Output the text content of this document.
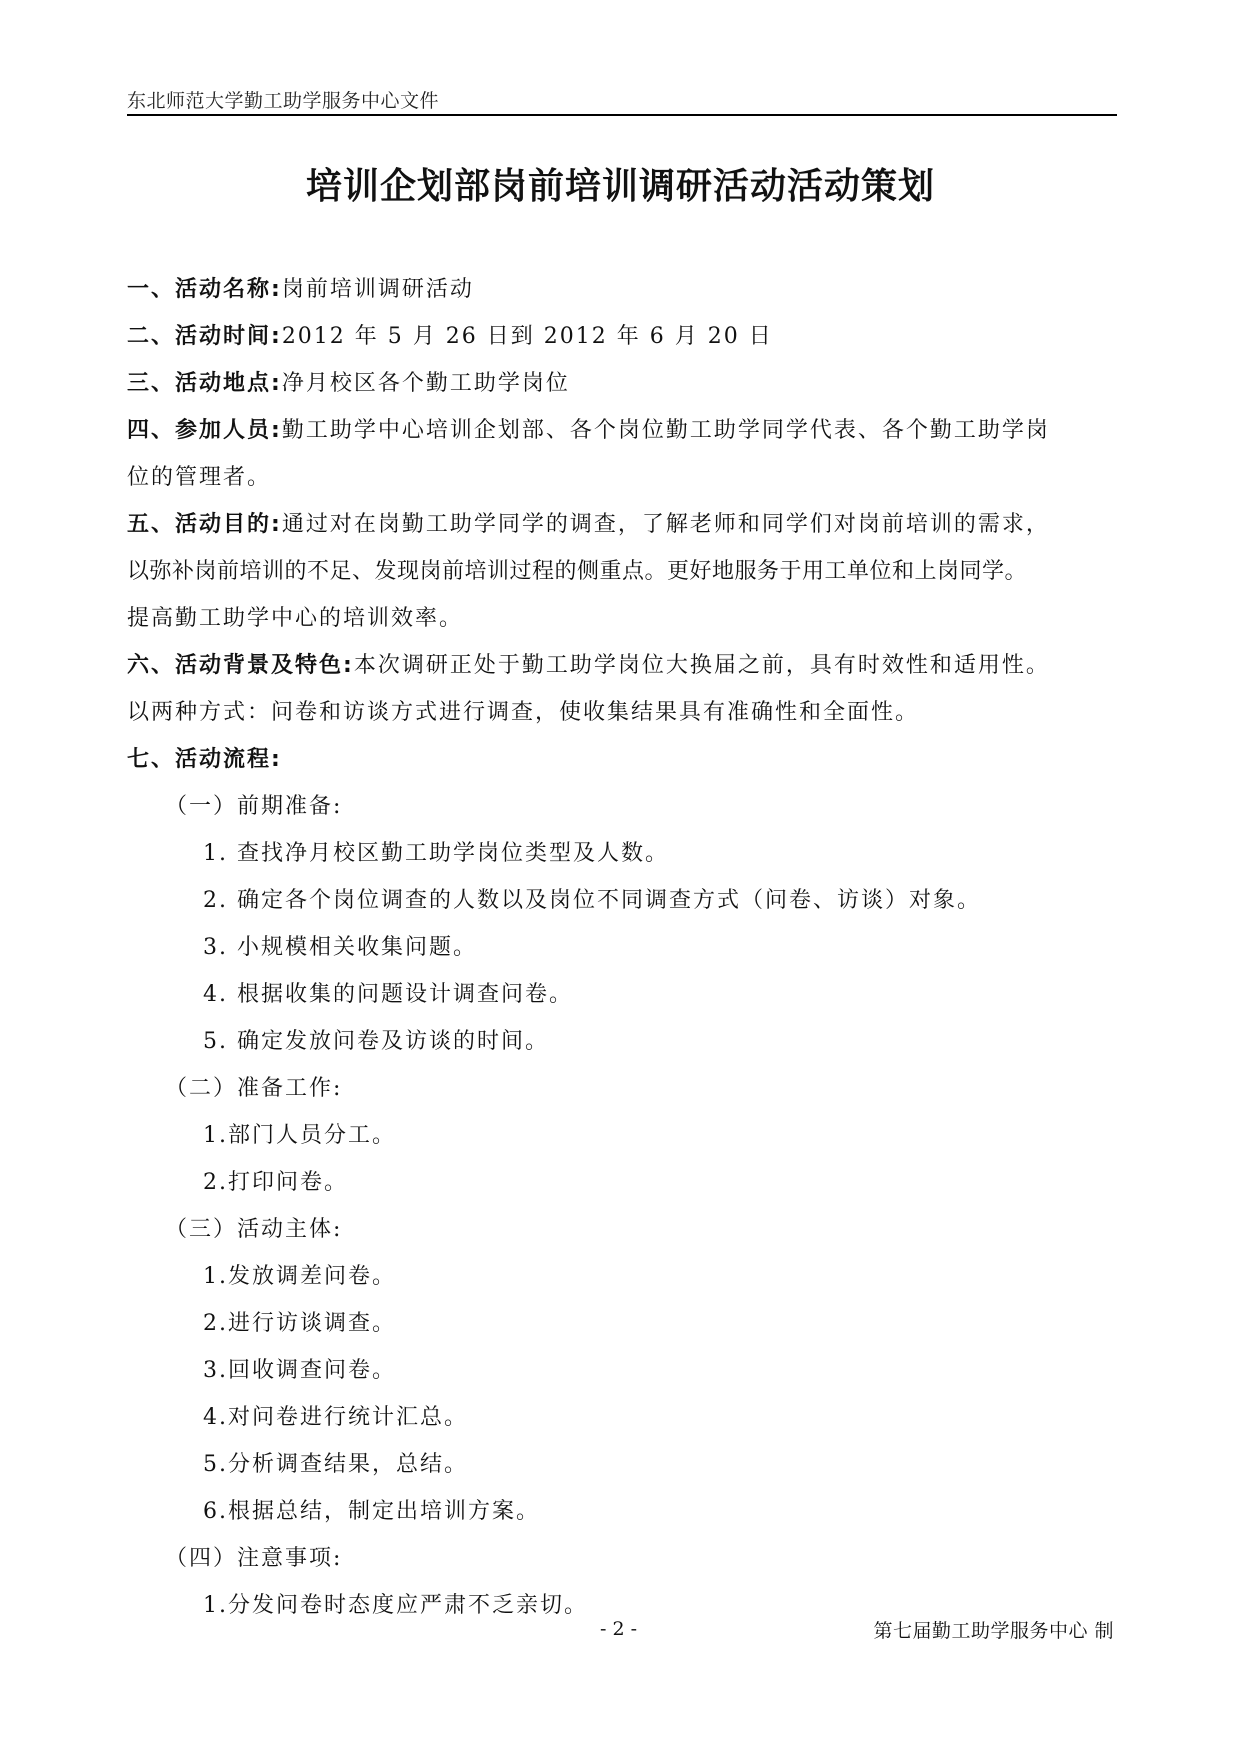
东北师范大学勤工助学服务中心文件
培训企划部岗前培训调研活动活动策划

一、活动名称:岗前培训调研活动

二、活动时间:2012 年 5 月 26 日到 2012 年 6 月 20 日

三、活动地点:净月校区各个勤工助学岗位

四、参加人员:勤工助学中心培训企划部、各个岗位勤工助学同学代表、各个勤工助学岗

位的管理者。

五、活动目的:通过对在岗勤工助学同学的调查，了解老师和同学们对岗前培训的需求，

以弥补岗前培训的不足、发现岗前培训过程的侧重点。更好地服务于用工单位和上岗同学。

提高勤工助学中心的培训效率。

六、活动背景及特色:本次调研正处于勤工助学岗位大换届之前，具有时效性和适用性。

以两种方式：问卷和访谈方式进行调查，使收集结果具有准确性和全面性。

七、活动流程:

（一）前期准备:

1. 查找净月校区勤工助学岗位类型及人数。

2. 确定各个岗位调查的人数以及岗位不同调查方式（问卷、访谈）对象。

3. 小规模相关收集问题。

4. 根据收集的问题设计调查问卷。

5. 确定发放问卷及访谈的时间。

（二）准备工作:

1.部门人员分工。

2.打印问卷。

（三）活动主体:

1.发放调差问卷。

2.进行访谈调查。

3.回收调查问卷。

4.对问卷进行统计汇总。

5.分析调查结果，总结。

6.根据总结，制定出培训方案。

（四）注意事项:

1.分发问卷时态度应严肃不乏亲切。

- 2 -	第七届勤工助学服务中心 制
